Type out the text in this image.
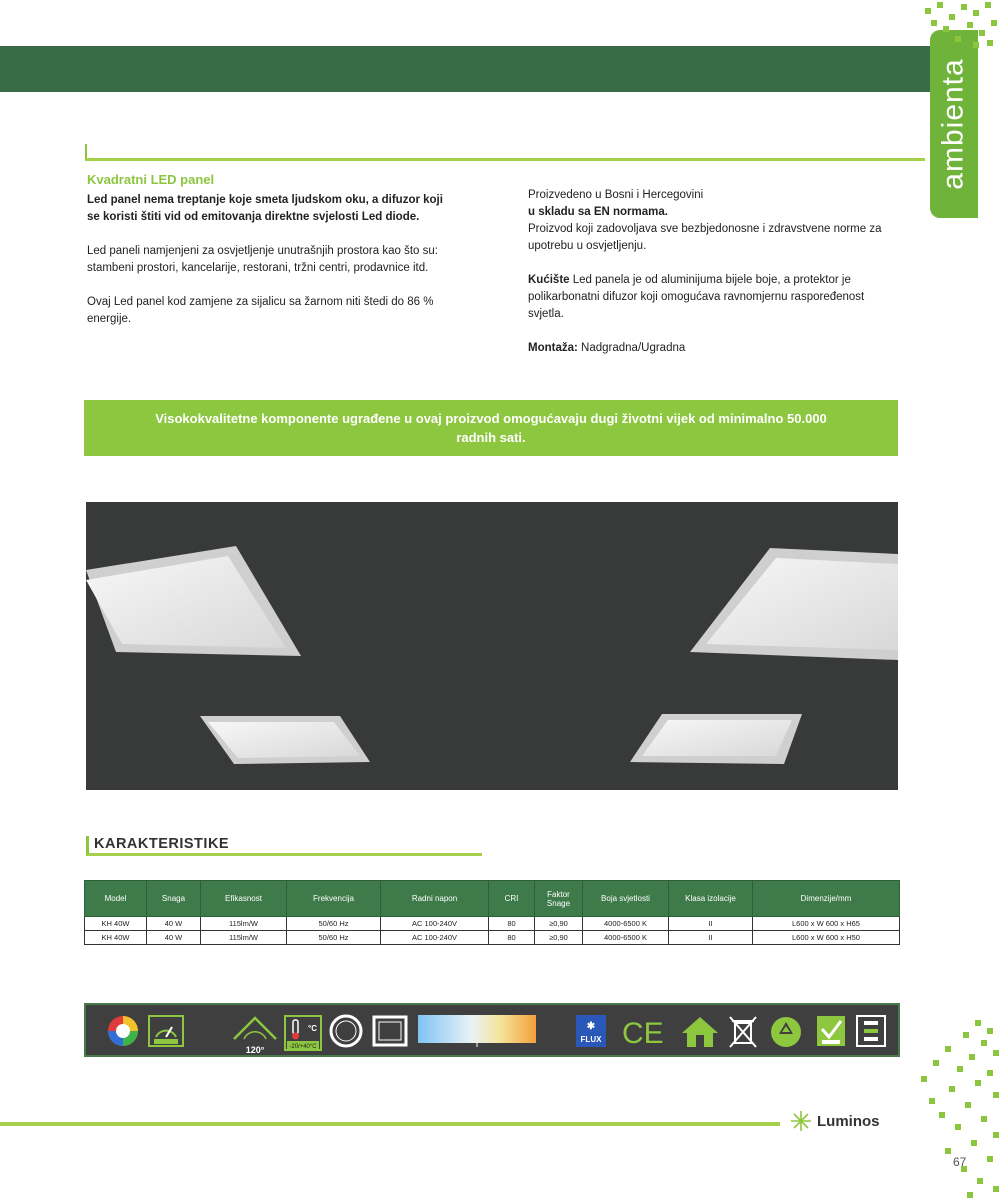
ambienta
Kvadratni LED panel

Led panel nema treptanje koje smeta ljudskom oku, a difuzor koji se koristi štiti vid od emitovanja direktne svjelosti Led diode.

Led paneli namjenjeni za osvjetljenje unutrašnjih prostora kao što su: stambeni prostori, kancelarije, restorani, tržni centri, prodavnice itd.

Ovaj Led panel kod zamjene za sijalicu sa žarnom niti štedi do 86 % energije.

Proizvedeno u Bosni i Hercegovini
u skladu sa EN normama.
Proizvod koji zadovoljava sve bezbjedonosne i zdravstvene norme za upotrebu u osvjetljenju.
Kućište Led panela je od aluminijuma bijele boje, a protektor je polikarbonatni difuzor koji omogućava ravnomjernu raspoređenost svjetla.
Montaža: Nadgradna/Ugradna
Visokokvalitetne komponente ugrađene u ovaj proizvod omogućavaju dugi životni vijek od minimalno 50.000 radnih sati.
KARAKTERISTIKE
Model	Snaga	Efikasnost	Frekvencija	Radni napon	CRI	Faktor Snage	Boja svjetlosti	Klasa izolacije	Dimenzije/mm
KH 40W	40 W	115lm/W	50/60 Hz	AC 100-240V	80	≥0,90	4000-6500 K	II	L600 x W 600 x H65
KH 40W	40 W	115lm/W	50/60 Hz	AC 100-240V	80	≥0,90	4000-6500 K	II	L600 x W 600 x H50
120°
°C
-20/+40°C
✱
FLUX CE
Luminos
67
